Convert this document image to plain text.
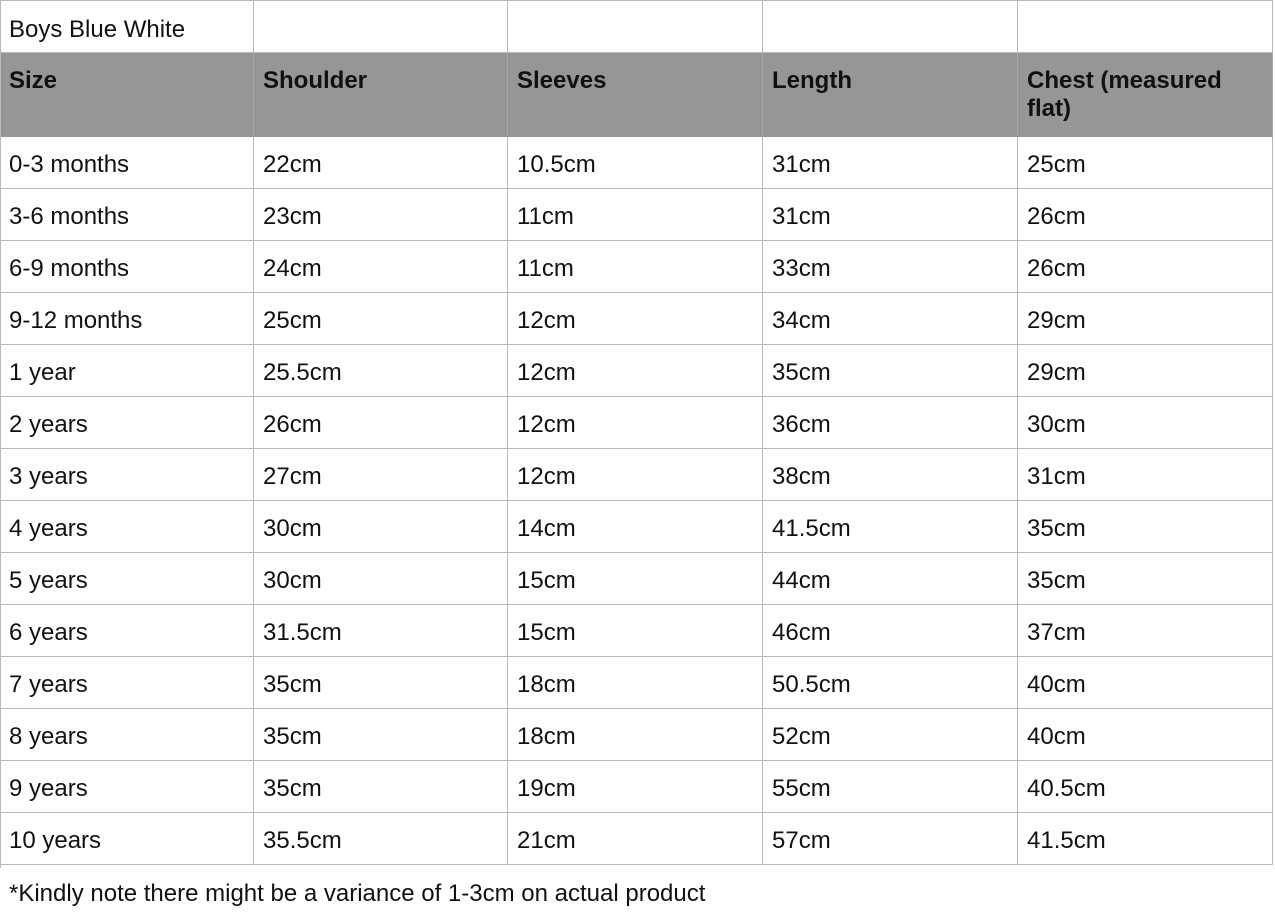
Boys Blue White
Size	Shoulder	Sleeves	Length	Chest (measured flat)
0-3 months	22cm	10.5cm	31cm	25cm
3-6 months	23cm	11cm	31cm	26cm
6-9 months	24cm	11cm	33cm	26cm
9-12 months	25cm	12cm	34cm	29cm
1 year	25.5cm	12cm	35cm	29cm
2 years	26cm	12cm	36cm	30cm
3 years	27cm	12cm	38cm	31cm
4 years	30cm	14cm	41.5cm	35cm
5 years	30cm	15cm	44cm	35cm
6 years	31.5cm	15cm	46cm	37cm
7 years	35cm	18cm	50.5cm	40cm
8 years	35cm	18cm	52cm	40cm
9 years	35cm	19cm	55cm	40.5cm
10 years	35.5cm	21cm	57cm	41.5cm
*Kindly note there might be a variance of 1-3cm on actual product
